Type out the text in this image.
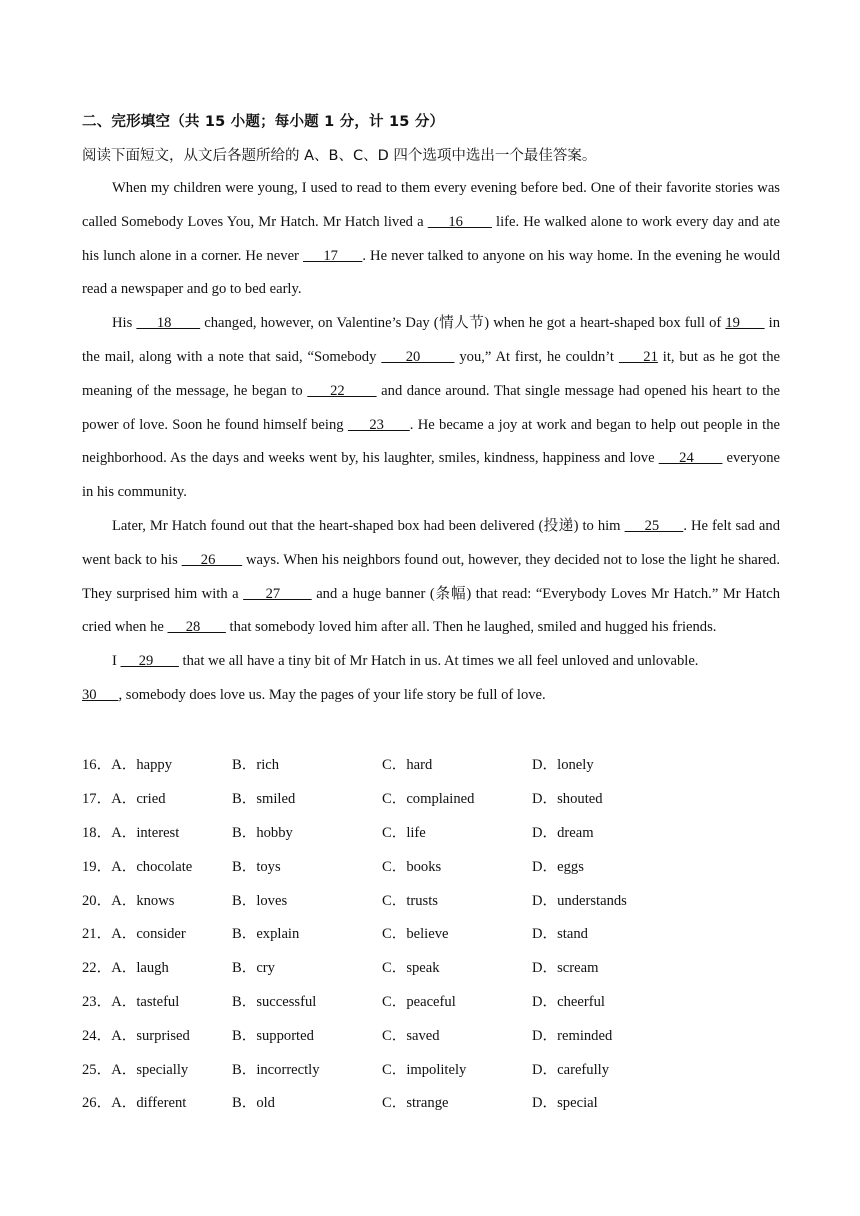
二、完形填空（共 15 小题；每小题 1 分，计 15 分）
阅读下面短文，从文后各题所给的 A、B、C、D 四个选项中选出一个最佳答案。

When my children were young, I used to read to them every evening before bed. One of their favorite stories was called Somebody Loves You, Mr Hatch. Mr Hatch lived a      16        life. He walked alone to work every day and ate his lunch alone in a corner. He never      17      . He never talked to anyone on his way home. In the evening he would read a newspaper and go to bed early.

His      18        changed, however, on Valentine’s Day (情人节) when he got a heart-shaped box full of 19       in the mail, along with a note that said, “Somebody      20        you,” At first, he couldn’t      21 it, but as he got the meaning of the message, he began to      22        and dance around. That single message had opened his heart to the power of love. Soon he found himself being      23      . He became a joy at work and began to help out people in the neighborhood. As the days and weeks went by, his laughter, smiles, kindness, happiness and love      24        everyone in his community.

Later, Mr Hatch found out that the heart-shaped box had been delivered (投递) to him      25      . He felt sad and went back to his      26        ways. When his neighbors found out, however, they decided not to lose the light he shared. They surprised him with a      27        and a huge banner (条幅) that read: “Everybody Loves Mr Hatch.” Mr Hatch cried when he      28        that somebody loved him after all. Then he laughed, smiled and hugged his friends.

I      29        that we all have a tiny bit of Mr Hatch in us. At times we all feel unloved and unlovable.

30      , somebody does love us. May the pages of your life story be full of love.

16．A．happy	B．rich	C．hard	D．lonely
17．A．cried	B．smiled	C．complained	D．shouted
18．A．interest	B．hobby	C．life	D．dream
19．A．chocolate	B．toys	C．books	D．eggs
20．A．knows	B．loves	C．trusts	D．understands
21．A．consider	B．explain	C．believe	D．stand
22．A．laugh	B．cry	C．speak	D．scream
23．A．tasteful	B．successful	C．peaceful	D．cheerful
24．A．surprised	B．supported	C．saved	D．reminded
25．A．specially	B．incorrectly	C．impolitely	D．carefully
26．A．different	B．old	C．strange	D．special
